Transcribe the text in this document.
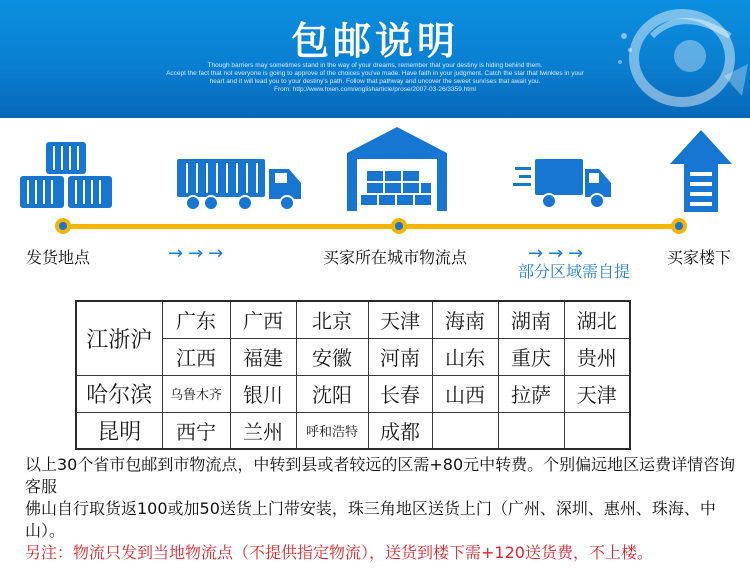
包邮说明
Though barriers may sometimes stand in the way of your dreams, remember that your destiny is hiding behind them.
Accept the fact that not everyone is going to approve of the choices you've made. Have faith in your judgment. Catch the star that twinkles in your
heart and it will lead you to your destiny's path. Follow that pathway and uncover the sweet sunrises that await you.
From: http://www.hxen.com/englisharticle/prose/2007-03-26/3359.html
发货地点	→→→	买家所在城市物流点	→→→
部分区域需自提
买家楼下
江浙沪	广东	广西	北京	天津	海南	湖南	湖北
	江西	福建	安徽	河南	山东	重庆	贵州
哈尔滨	乌鲁木齐	银川	沈阳	长春	山西	拉萨	天津
昆明	西宁	兰州	呼和浩特	成都			

以上30个省市包邮到市物流点，中转到县或者较远的区需+80元中转费。个别偏远地区运费详情咨询客服

佛山自行取货返100或加50送货上门带安装，珠三角地区送货上门（广州、深圳、惠州、珠海、中山）。

另注：物流只发到当地物流点（不提供指定物流），送货到楼下需+120送货费，不上楼。
